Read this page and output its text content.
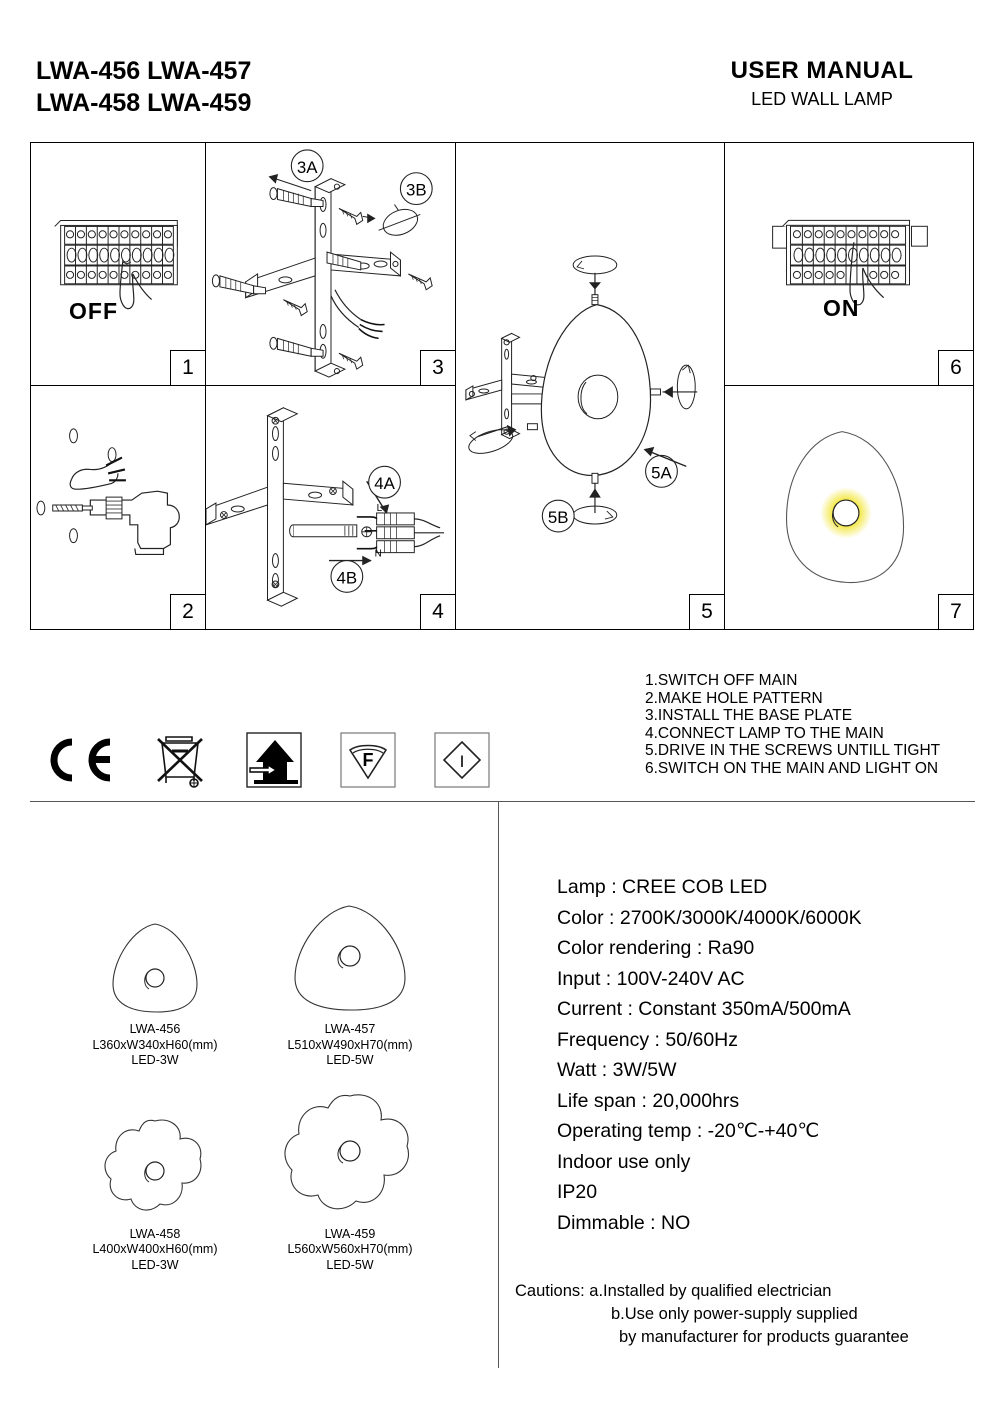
LWA-456 LWA-457
LWA-458 LWA-459
USER MANUAL
LED WALL LAMP
OFF
1
2
3A
3B
3
L
N
4A
4B
4
5A
5B
5
ON
6
7
F	I
1.SWITCH OFF MAIN
2.MAKE HOLE PATTERN
3.INSTALL THE BASE PLATE
4.CONNECT LAMP TO THE MAIN
5.DRIVE IN THE SCREWS UNTILL TIGHT
6.SWITCH ON THE MAIN AND LIGHT ON
LWA-456
L360xW340xH60(mm)
LED-3W
LWA-457
L510xW490xH70(mm)
LED-5W
LWA-458
L400xW400xH60(mm)
LED-3W
LWA-459
L560xW560xH70(mm)
LED-5W
Lamp : CREE COB LED
Color : 2700K/3000K/4000K/6000K
Color rendering : Ra90
Input : 100V-240V AC
Current : Constant 350mA/500mA
Frequency : 50/60Hz
Watt : 3W/5W
Life span : 20,000hrs
Operating temp : -20℃-+40℃
Indoor use only
IP20
Dimmable : NO
Cautions: a.Installed by qualified electrician
b.Use only power-supply supplied
by manufacturer for products guarantee
